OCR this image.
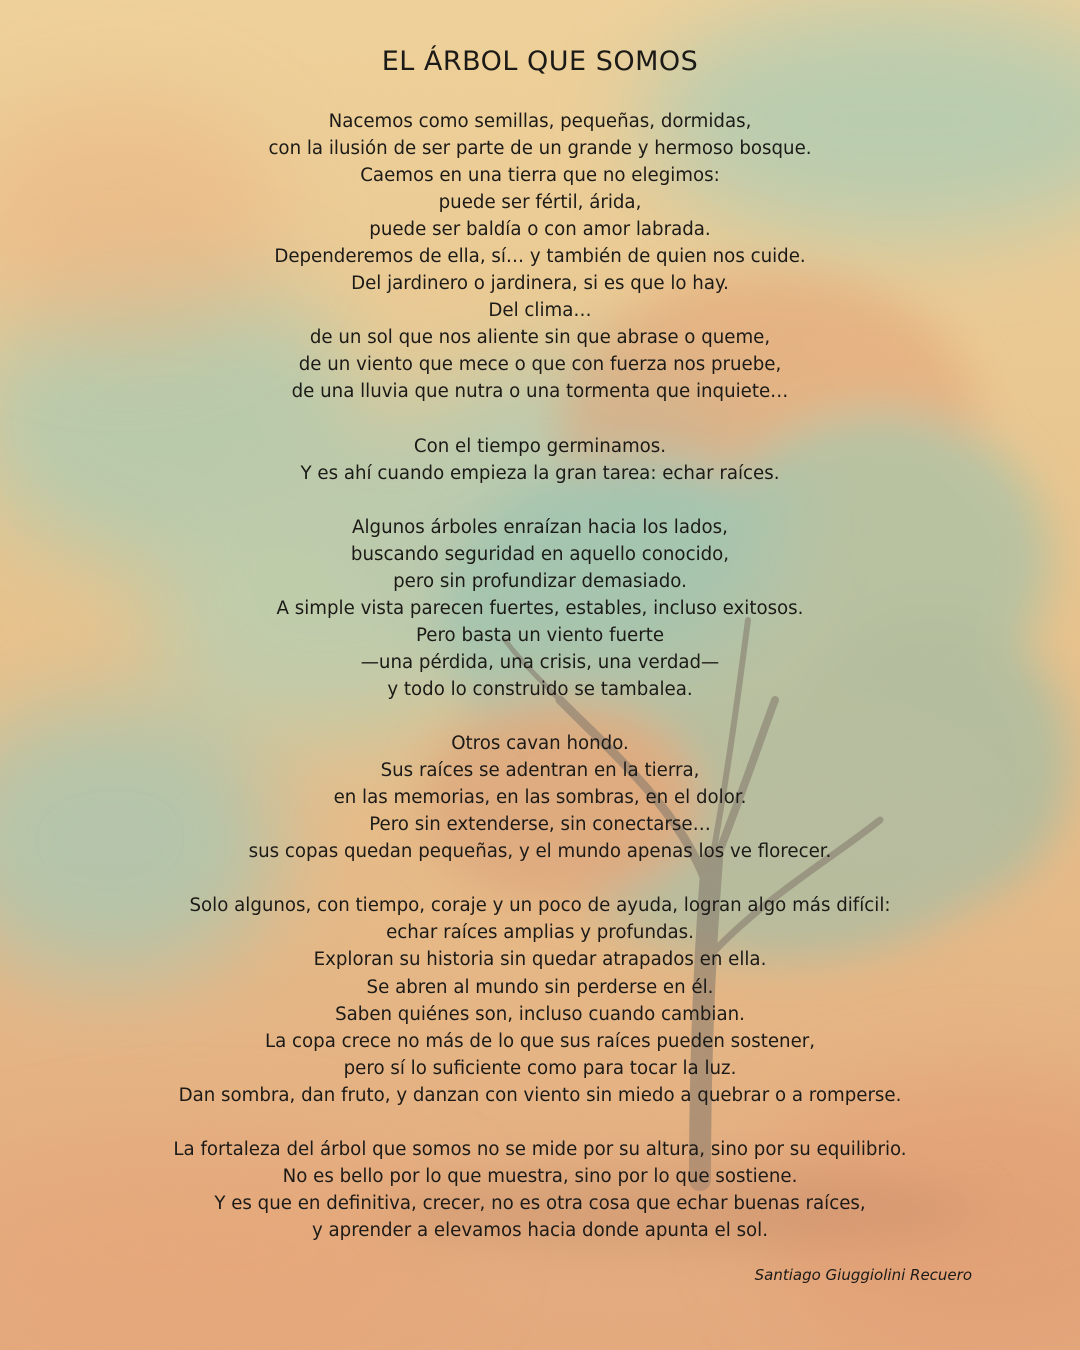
EL ÁRBOL QUE SOMOS
Nacemos como semillas, pequeñas, dormidas,
con la ilusión de ser parte de un grande y hermoso bosque.
Caemos en una tierra que no elegimos:
puede ser fértil, árida,
puede ser baldía o con amor labrada.
Dependeremos de ella, sí… y también de quien nos cuide.
Del jardinero o jardinera, si es que lo hay.
Del clima…
de un sol que nos aliente sin que abrase o queme,
de un viento que mece o que con fuerza nos pruebe,
de una lluvia que nutra o una tormenta que inquiete…
Con el tiempo germinamos.
Y es ahí cuando empieza la gran tarea: echar raíces.
Algunos árboles enraízan hacia los lados,
buscando seguridad en aquello conocido,
pero sin profundizar demasiado.
A simple vista parecen fuertes, estables, incluso exitosos.
Pero basta un viento fuerte
—una pérdida, una crisis, una verdad—
y todo lo construido se tambalea.
Otros cavan hondo.
Sus raíces se adentran en la tierra,
en las memorias, en las sombras, en el dolor.
Pero sin extenderse, sin conectarse…
sus copas quedan pequeñas, y el mundo apenas los ve florecer.
Solo algunos, con tiempo, coraje y un poco de ayuda, logran algo más difícil:
echar raíces amplias y profundas.
Exploran su historia sin quedar atrapados en ella.
Se abren al mundo sin perderse en él.
Saben quiénes son, incluso cuando cambian.
La copa crece no más de lo que sus raíces pueden sostener,
pero sí lo suficiente como para tocar la luz.
Dan sombra, dan fruto, y danzan con viento sin miedo a quebrar o a romperse.
La fortaleza del árbol que somos no se mide por su altura, sino por su equilibrio.
No es bello por lo que muestra, sino por lo que sostiene.
Y es que en definitiva, crecer, no es otra cosa que echar buenas raíces,
y aprender a elevamos hacia donde apunta el sol.
Santiago Giuggiolini Recuero
